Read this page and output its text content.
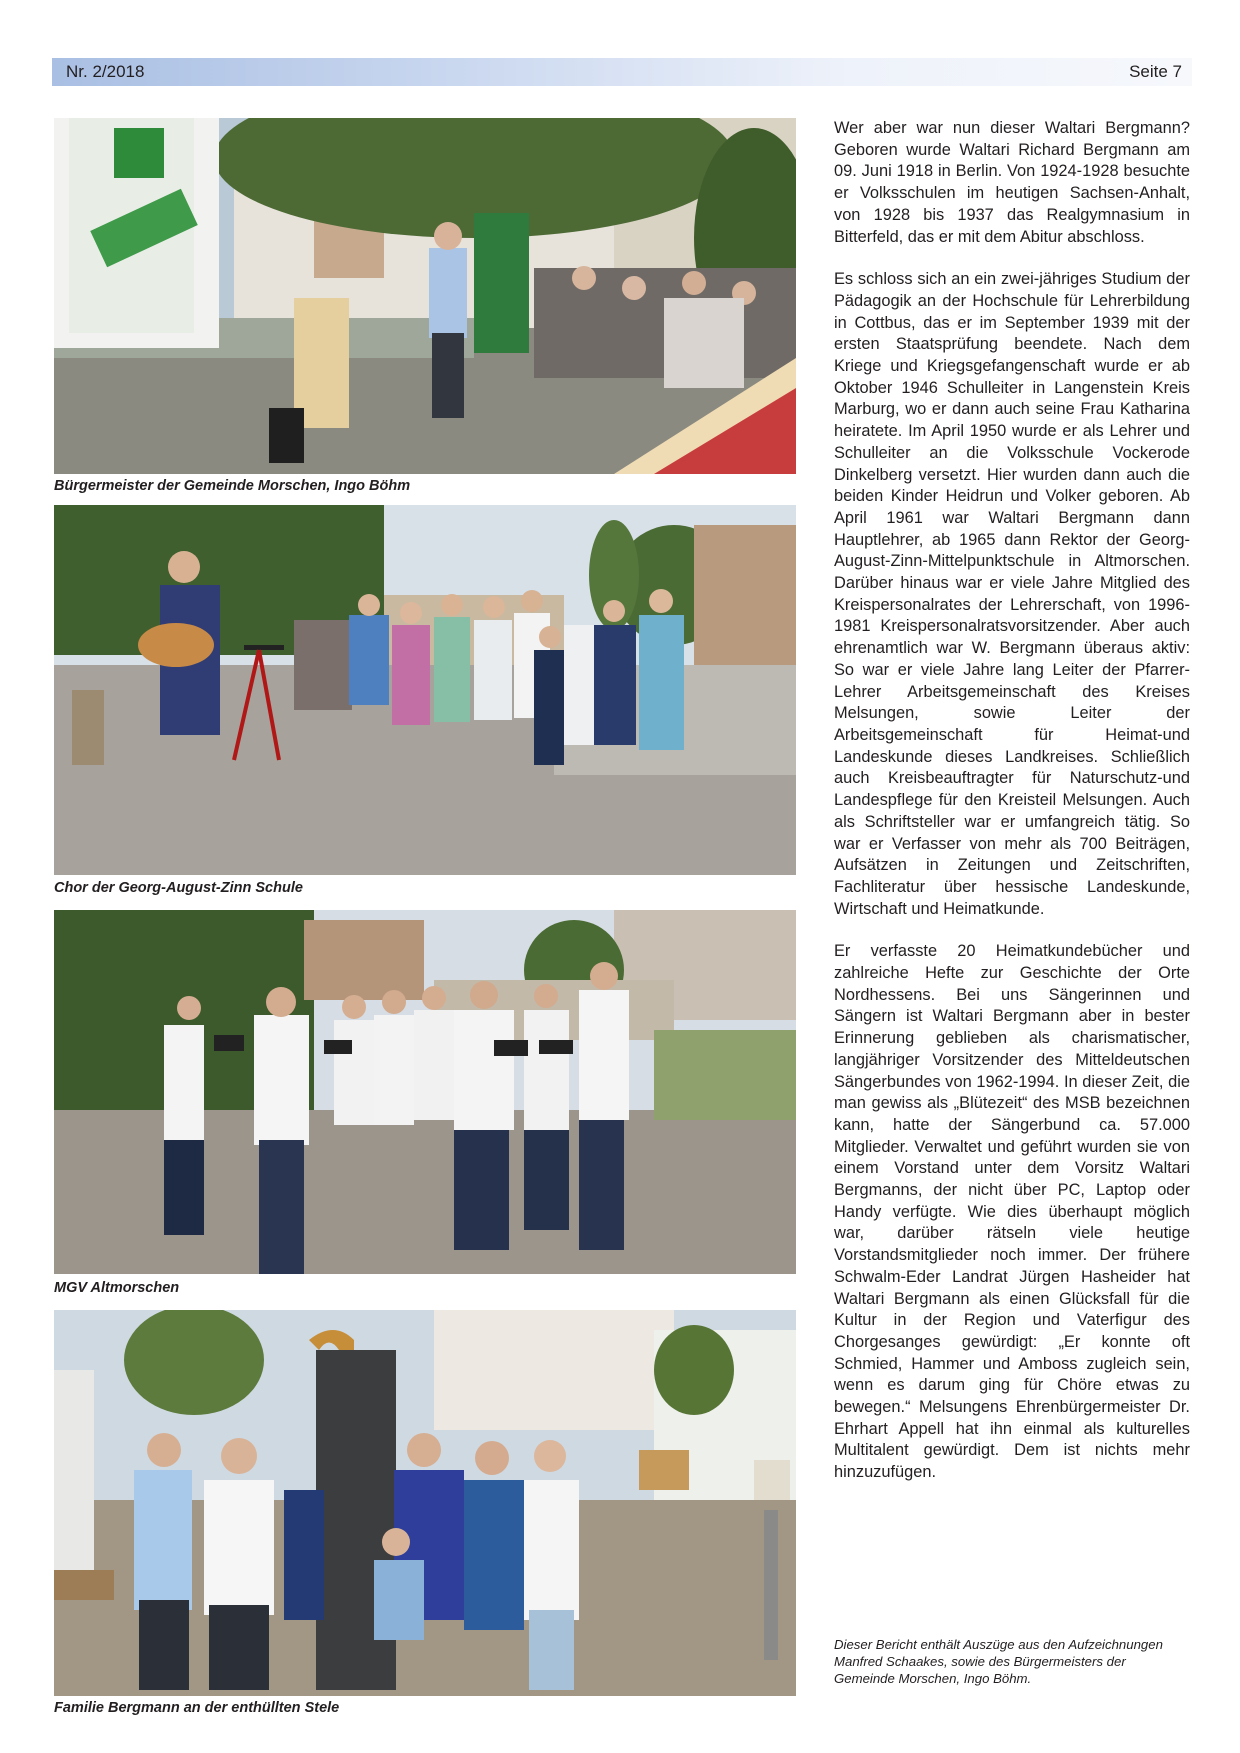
Nr. 2/2018	Seite 7
Bürgermeister der Gemeinde Morschen, Ingo Böhm
Chor der Georg-August-Zinn Schule
MGV Altmorschen
Familie Bergmann an der enthüllten Stele

Wer aber war nun dieser Waltari Bergmann? Geboren wurde Waltari Richard Bergmann am 09. Juni 1918 in Berlin. Von 1924-1928 besuchte er Volksschulen im heutigen Sachsen-Anhalt, von 1928 bis 1937 das Realgymnasium in Bitterfeld, das er mit dem Abitur abschloss.

Es schloss sich an ein zwei-jähriges Studium der Pädagogik an der Hochschule für Lehrerbildung in Cottbus, das er im September 1939 mit der ersten Staatsprüfung beendete. Nach dem Kriege und Kriegsgefangenschaft wurde er ab Oktober 1946 Schulleiter in Langenstein Kreis Marburg, wo er dann auch seine Frau Katharina heiratete. Im April 1950 wurde er als Lehrer und Schulleiter an die Volksschule Vockerode Dinkelberg versetzt. Hier wurden dann auch die beiden Kinder Heidrun und Volker geboren. Ab April 1961 war Waltari Bergmann dann Hauptlehrer, ab 1965 dann Rektor der Georg-August-Zinn-Mittelpunktschule in Altmorschen. Darüber hinaus war er viele Jahre Mitglied des Kreispersonalrates der Lehrerschaft, von 1996-1981 Kreispersonalratsvorsitzender. Aber auch ehrenamtlich war W. Bergmann überaus aktiv: So war er viele Jahre lang Leiter der Pfarrer-Lehrer Arbeitsgemeinschaft des Kreises Melsungen, sowie Leiter der Arbeitsgemeinschaft für Heimat-und Landeskunde dieses Landkreises. Schließlich auch Kreisbeauftragter für Naturschutz-und Landespflege für den Kreisteil Melsungen. Auch als Schriftsteller war er umfangreich tätig. So war er Verfasser von mehr als 700 Beiträgen, Aufsätzen in Zeitungen und Zeitschriften, Fachliteratur über hessische Landeskunde, Wirtschaft und Heimatkunde.

Er verfasste 20 Heimatkundebücher und zahlreiche Hefte zur Geschichte der Orte Nordhessens. Bei uns Sängerinnen und Sängern ist Waltari Bergmann aber in bester Erinnerung geblieben als charismatischer, langjähriger Vorsitzender des Mitteldeutschen Sängerbundes von 1962-1994. In dieser Zeit, die man gewiss als „Blütezeit“ des MSB bezeichnen kann, hatte der Sängerbund ca. 57.000 Mitglieder. Verwaltet und geführt wurden sie von einem Vorstand unter dem Vorsitz Waltari Bergmanns, der nicht über PC, Laptop oder Handy verfügte. Wie dies überhaupt möglich war, darüber rätseln viele heutige Vorstandsmitglieder noch immer. Der frühere Schwalm-Eder Landrat Jürgen Hasheider hat Waltari Bergmann als einen Glücksfall für die Kultur in der Region und Vaterfigur des Chorgesanges gewürdigt: „Er konnte oft Schmied, Hammer und Amboss zugleich sein, wenn es darum ging für Chöre etwas zu bewegen.“ Melsungens Ehrenbürgermeister Dr. Ehrhart Appell hat ihn einmal als kulturelles Multitalent gewürdigt. Dem ist nichts mehr hinzuzufügen.

Dieser Bericht enthält Auszüge aus den Aufzeichnungen Manfred Schaakes, sowie des Bürgermeisters der Gemeinde Morschen, Ingo Böhm.
